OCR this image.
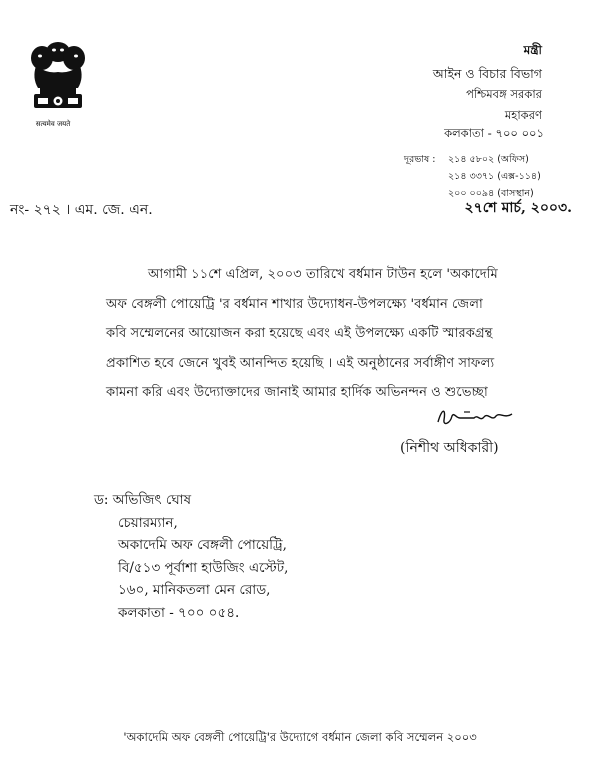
सत्यमेव जयते
মন্ত্রী
আইন ও বিচার বিভাগ
পশ্চিমবঙ্গ সরকার
মহাকরণ
কলকাতা - ৭০০ ০০১
দূরভাষ :	২১৪ ৫৮০২ (অফিস)
২১৪ ৩৩৭১ (এক্স-১১৪)
২০০ ০০৯৪ (বাসস্থান)
নং- ২৭২ । এম. জে. এন.	২৭শে মার্চ, ২০০৩.
আগামী ১১শে এপ্রিল, ২০০৩ তারিখে বর্ধমান টাউন হলে 'অকাদেমি
অফ বেঙ্গলী পোয়েট্রি 'র বর্ধমান শাখার উদ্যোধন-উপলক্ষ্যে 'বর্ধমান জেলা
কবি সম্মেলনের আয়োজন করা হয়েছে এবং এই উপলক্ষ্যে একটি স্মারকগ্রন্থ
প্রকাশিত হবে জেনে খুবই আনন্দিত হয়েছি । এই অনুষ্ঠানের সর্বাঙ্গীণ সাফল্য
কামনা করি এবং উদ্যোক্তাদের জানাই আমার হার্দিক অভিনন্দন ও শুভেচ্ছা
(নিশীথ অধিকারী)
ড: অভিজিৎ ঘোষ
চেয়ারম্যান,
অকাদেমি অফ বেঙ্গলী পোয়েট্রি,
বি/৫১৩ পূর্বাশা হাউজিং এস্টেট,
১৬০, মানিকতলা মেন রোড,
কলকাতা - ৭০০ ০৫৪.
'অকাদেমি অফ বেঙ্গলী পোয়েট্রি'র উদ্যোগে বর্ধমান জেলা কবি সম্মেলন ২০০৩
